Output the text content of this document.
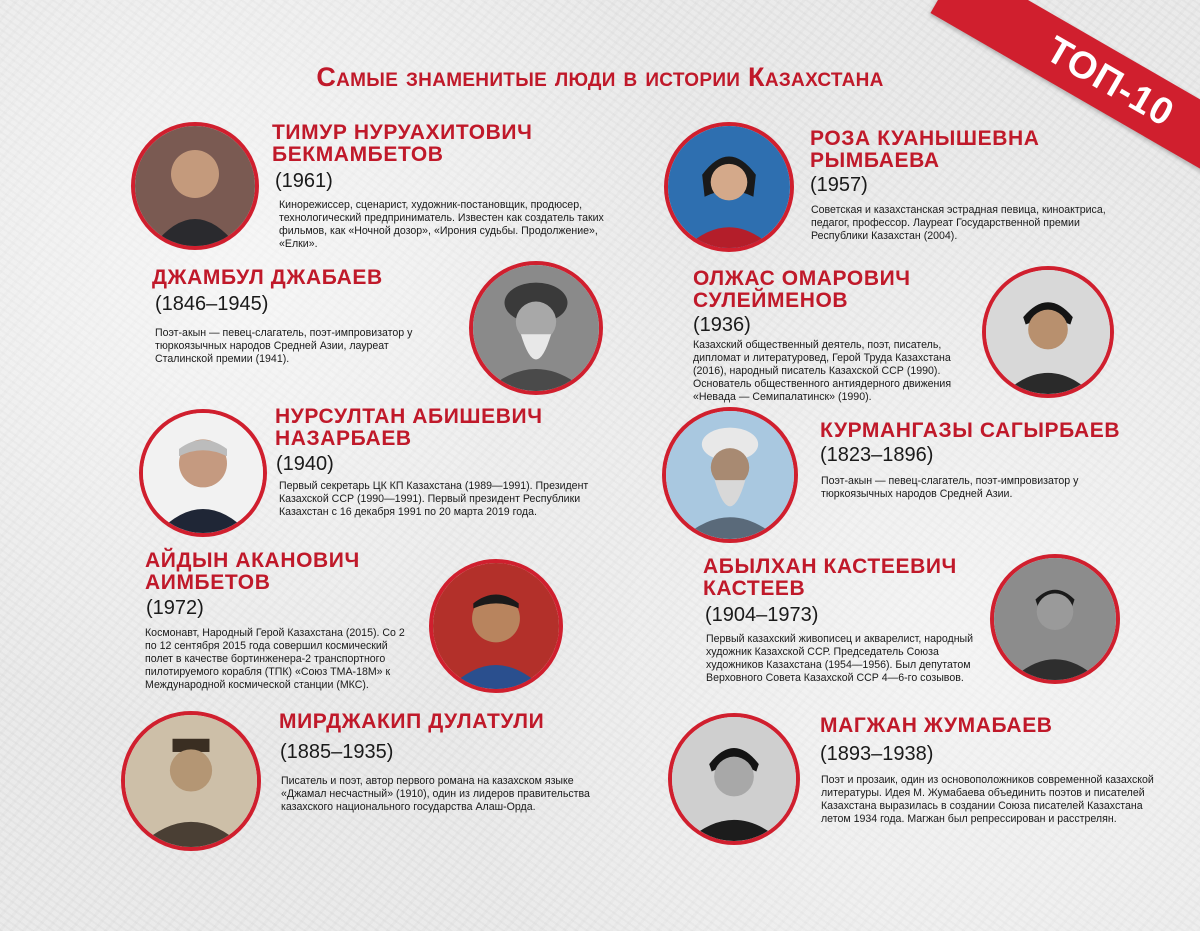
Самые знаменитые люди в истории Казахстана	ТОП-10
ТИМУР НУРУАХИТОВИЧ БЕКМАМБЕТОВ
(1961)
Кинорежиссер, сценарист, художник-постановщик, продюсер, технологический предприниматель. Известен как создатель таких фильмов, как «Ночной дозор», «Ирония судьбы. Продолжение», «Елки».
ДЖАМБУЛ ДЖАБАЕВ
(1846–1945)
Поэт-акын — певец-слагатель, поэт-импровизатор у тюркоязычных народов Средней Азии, лауреат Сталинской премии (1941).
НУРСУЛТАН АБИШЕВИЧ НАЗАРБАЕВ
(1940)
Первый секретарь ЦК КП Казахстана (1989—1991). Президент Казахской ССР (1990—1991). Первый президент Республики Казахстан с 16 декабря 1991 по 20 марта 2019 года.
АЙДЫН АКАНОВИЧ АИМБЕТОВ
(1972)
Космонавт, Народный Герой Казахстана (2015). Со 2 по 12 сентября 2015 года совершил космический полет в качестве бортинженера-2 транспортного пилотируемого корабля (ТПК) «Союз ТМА-18М» к Международной космической станции (МКС).
МИРДЖАКИП ДУЛАТУЛИ
(1885–1935)
Писатель и поэт, автор первого романа на казахском языке «Джамал несчастный» (1910), один из лидеров правительства казахского национального государства Алаш-Орда.
РОЗА КУАНЫШЕВНА РЫМБАЕВА
(1957)
Советская и казахстанская эстрадная певица, киноактриса, педагог, профессор. Лауреат Государственной премии Республики Казахстан (2004).
ОЛЖАС ОМАРОВИЧ СУЛЕЙМЕНОВ
(1936)
Казахский общественный деятель, поэт, писатель, дипломат и литературовед, Герой Труда Казахстана (2016), народный писатель Казахской ССР (1990). Основатель общественного антиядерного движения «Невада — Семипалатинск» (1990).
КУРМАНГАЗЫ САГЫРБАЕВ
(1823–1896)
Поэт-акын — певец-слагатель, поэт-импровизатор у тюркоязычных народов Средней Азии.
АБЫЛХАН КАСТЕЕВИЧ КАСТЕЕВ
(1904–1973)
Первый казахский живописец и акварелист, народный художник Казахской ССР. Председатель Союза художников Казахстана (1954—1956). Был депутатом Верховного Совета Казахской ССР 4—6-го созывов.
МАГЖАН ЖУМАБАЕВ
(1893–1938)
Поэт и прозаик, один из основоположников современной казахской литературы. Идея М. Жумабаева объединить поэтов и писателей Казахстана выразилась в создании Союза писателей Казахстана летом 1934 года. Магжан был репрессирован и расстрелян.
